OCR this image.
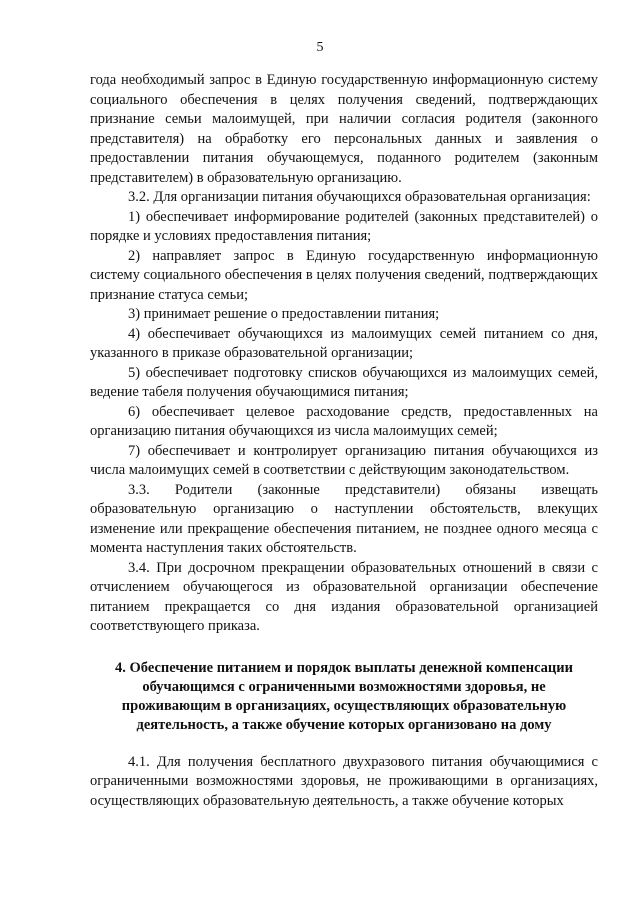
5

года необходимый запрос в Единую государственную информационную систему социального обеспечения в целях получения сведений, подтверждающих признание семьи малоимущей, при наличии согласия родителя (законного представителя) на обработку его персональных данных и заявления о предоставлении питания обучающемуся, поданного родителем (законным представителем) в образовательную организацию.

3.2. Для организации питания обучающихся образовательная организация:

1) обеспечивает информирование родителей (законных представителей) о порядке и условиях предоставления питания;

2) направляет запрос в Единую государственную информационную систему социального обеспечения в целях получения сведений, подтверждающих признание статуса семьи;

3) принимает решение о предоставлении питания;

4) обеспечивает обучающихся из малоимущих семей питанием со дня, указанного в приказе образовательной организации;

5) обеспечивает подготовку списков обучающихся из малоимущих семей, ведение табеля получения обучающимися питания;

6) обеспечивает целевое расходование средств, предоставленных на организацию питания обучающихся из числа малоимущих семей;

7) обеспечивает и контролирует организацию питания обучающихся из числа малоимущих семей в соответствии с действующим законодательством.

3.3. Родители (законные представители) обязаны извещать образовательную организацию о наступлении обстоятельств, влекущих изменение или прекращение обеспечения питанием, не позднее одного месяца с момента наступления таких обстоятельств.

3.4. При досрочном прекращении образовательных отношений в связи с отчислением обучающегося из образовательной организации обеспечение питанием прекращается со дня издания образовательной организацией соответствующего приказа.

4. Обеспечение питанием и порядок выплаты денежной компенсации обучающимся с ограниченными возможностями здоровья, не проживающим в организациях, осуществляющих образовательную деятельность, а также обучение которых организовано на дому

4.1. Для получения бесплатного двухразового питания обучающимися с ограниченными возможностями здоровья, не проживающими в организациях, осуществляющих образовательную деятельность, а также обучение которых
